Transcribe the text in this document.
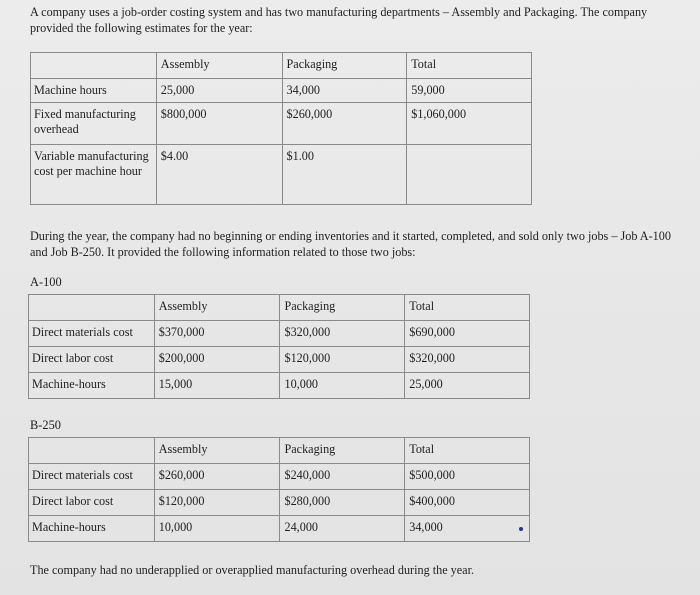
A company uses a job-order costing system and has two manufacturing departments – Assembly and Packaging. The company provided the following estimates for the year:
	Assembly	Packaging	Total
Machine hours	25,000	34,000	59,000
Fixed manufacturing overhead	$800,000	$260,000	$1,060,000
Variable manufacturing cost per machine hour	$4.00	$1.00	
During the year, the company had no beginning or ending inventories and it started, completed, and sold only two jobs – Job A-100 and Job B-250. It provided the following information related to those two jobs:
A-100
	Assembly	Packaging	Total
Direct materials cost	$370,000	$320,000	$690,000
Direct labor cost	$200,000	$120,000	$320,000
Machine-hours	15,000	10,000	25,000
B-250
	Assembly	Packaging	Total
Direct materials cost	$260,000	$240,000	$500,000
Direct labor cost	$120,000	$280,000	$400,000
Machine-hours	10,000	24,000	34,000
The company had no underapplied or overapplied manufacturing overhead during the year.
